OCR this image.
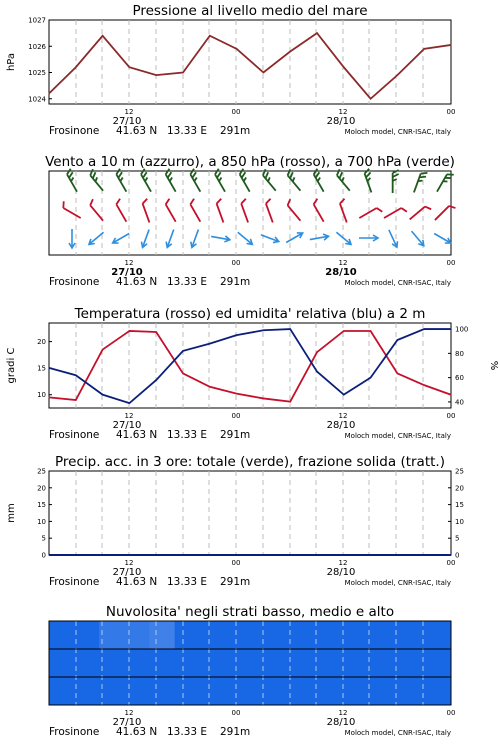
Pressione al livello medio del mare
1024
1025
1026
1027
hPa
12	00	12	00
27/10	28/10
Frosinone 41.63 N 13.33 E 291m	Moloch model, CNR-ISAC, Italy
Vento a 10 m (azzurro), a 850 hPa (rosso), a 700 hPa (verde)
12	00	12	00
27/10	28/10
Frosinone 41.63 N 13.33 E 291m	Moloch model, CNR-ISAC, Italy
Temperatura (rosso) ed umidita' relativa (blu) a 2 m
10
15
20
40
60
80
100
gradi C	%
12	00	12	00
27/10	28/10
Frosinone 41.63 N 13.33 E 291m	Moloch model, CNR-ISAC, Italy
Precip. acc. in 3 ore: totale (verde), frazione solida (tratt.)
0	0
5	5
10	10
15	15
20	20
25	25
mm
12	00	12	00
27/10	28/10
Frosinone 41.63 N 13.33 E 291m	Moloch model, CNR-ISAC, Italy
Nuvolosita' negli strati basso, medio e alto
12	00	12	00
27/10	28/10
Frosinone 41.63 N 13.33 E 291m	Moloch model, CNR-ISAC, Italy
